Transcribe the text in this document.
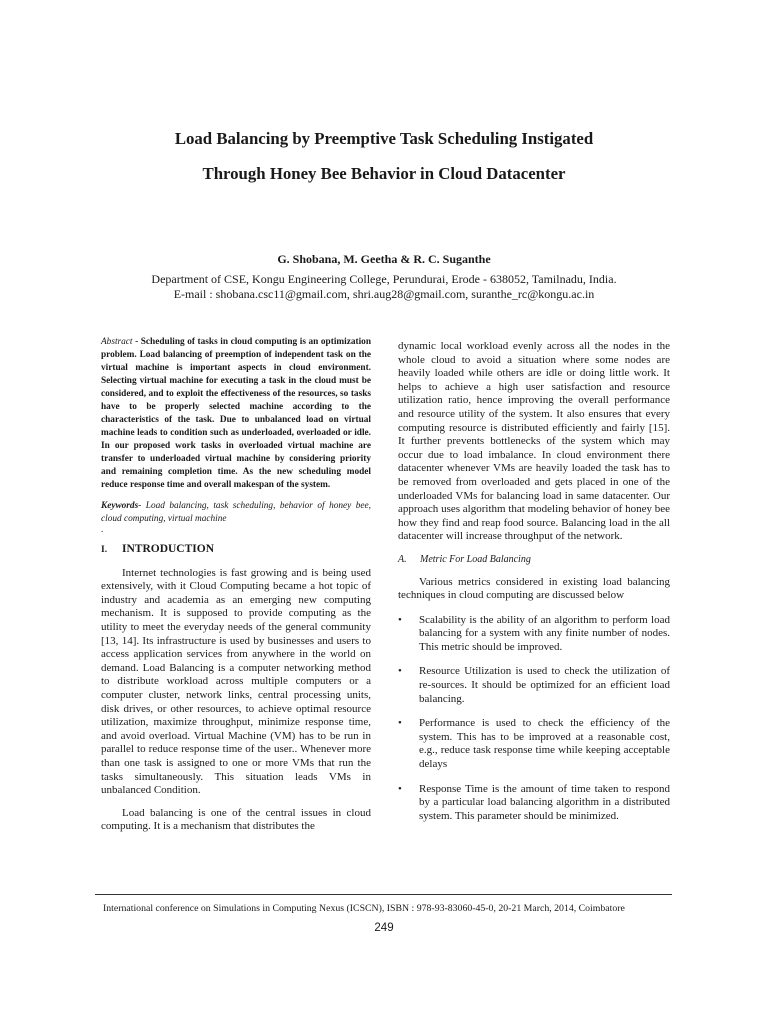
Load Balancing by Preemptive Task Scheduling Instigated
Through Honey Bee Behavior in Cloud Datacenter
G. Shobana, M. Geetha & R. C. Suganthe
Department of CSE, Kongu Engineering College, Perundurai, Erode - 638052, Tamilnadu, India.
E-mail : shobana.csc11@gmail.com, shri.aug28@gmail.com, suranthe_rc@kongu.ac.in

Abstract - Scheduling of tasks in cloud computing is an optimization problem. Load balancing of preemption of independent task on the virtual machine is important aspects in cloud environment. Selecting virtual machine for executing a task in the cloud must be considered, and to exploit the effectiveness of the resources, so tasks have to be properly selected machine according to the characteristics of the task. Due to unbalanced load on virtual machine leads to condition such as underloaded, overloaded or idle. In our proposed work tasks in overloaded virtual machine are transfer to underloaded virtual machine by considering priority and remaining completion time. As the new scheduling model reduce response time and overall makespan of the system.

Keywords- Load balancing, task scheduling, behavior of honey bee, cloud computing, virtual machine

.

I. INTRODUCTION

Internet technologies is fast growing and is being used extensively, with it Cloud Computing became a hot topic of industry and academia as an emerging new computing mechanism. It is supposed to provide computing as the utility to meet the everyday needs of the general community [13, 14]. Its infrastructure is used by businesses and users to access application services from anywhere in the world on demand. Load Balancing is a computer networking method to distribute workload across multiple computers or a computer cluster, network links, central processing units, disk drives, or other resources, to achieve optimal resource utilization, maximize throughput, minimize response time, and avoid overload. Virtual Machine (VM) has to be run in parallel to reduce response time of the user.. Whenever more than one task is assigned to one or more VMs that run the tasks simultaneously. This situation leads VMs in unbalanced Condition.

Load balancing is one of the central issues in cloud computing. It is a mechanism that distributes the

dynamic local workload evenly across all the nodes in the whole cloud to avoid a situation where some nodes are heavily loaded while others are idle or doing little work. It helps to achieve a high user satisfaction and resource utilization ratio, hence improving the overall performance and resource utility of the system. It also ensures that every computing resource is distributed efficiently and fairly [15]. It further prevents bottlenecks of the system which may occur due to load imbalance. In cloud environment there datacenter whenever VMs are heavily loaded the task has to be removed from overloaded and gets placed in one of the underloaded VMs for balancing load in same datacenter. Our approach uses algorithm that modeling behavior of honey bee how they find and reap food source. Balancing load in the all datacenter will increase throughput of the network.

A. Metric For Load Balancing

Various metrics considered in existing load balancing techniques in cloud computing are discussed below

• Scalability is the ability of an algorithm to perform load balancing for a system with any finite number of nodes. This metric should be improved.

• Resource Utilization is used to check the utilization of re-sources. It should be optimized for an efficient load balancing.

• Performance is used to check the efficiency of the system. This has to be improved at a reasonable cost, e.g., reduce task response time while keeping acceptable delays

• Response Time is the amount of time taken to respond by a particular load balancing algorithm in a distributed system. This parameter should be minimized.

International conference on Simulations in Computing Nexus (ICSCN), ISBN : 978-93-83060-45-0, 20-21 March, 2014, Coimbatore
249
